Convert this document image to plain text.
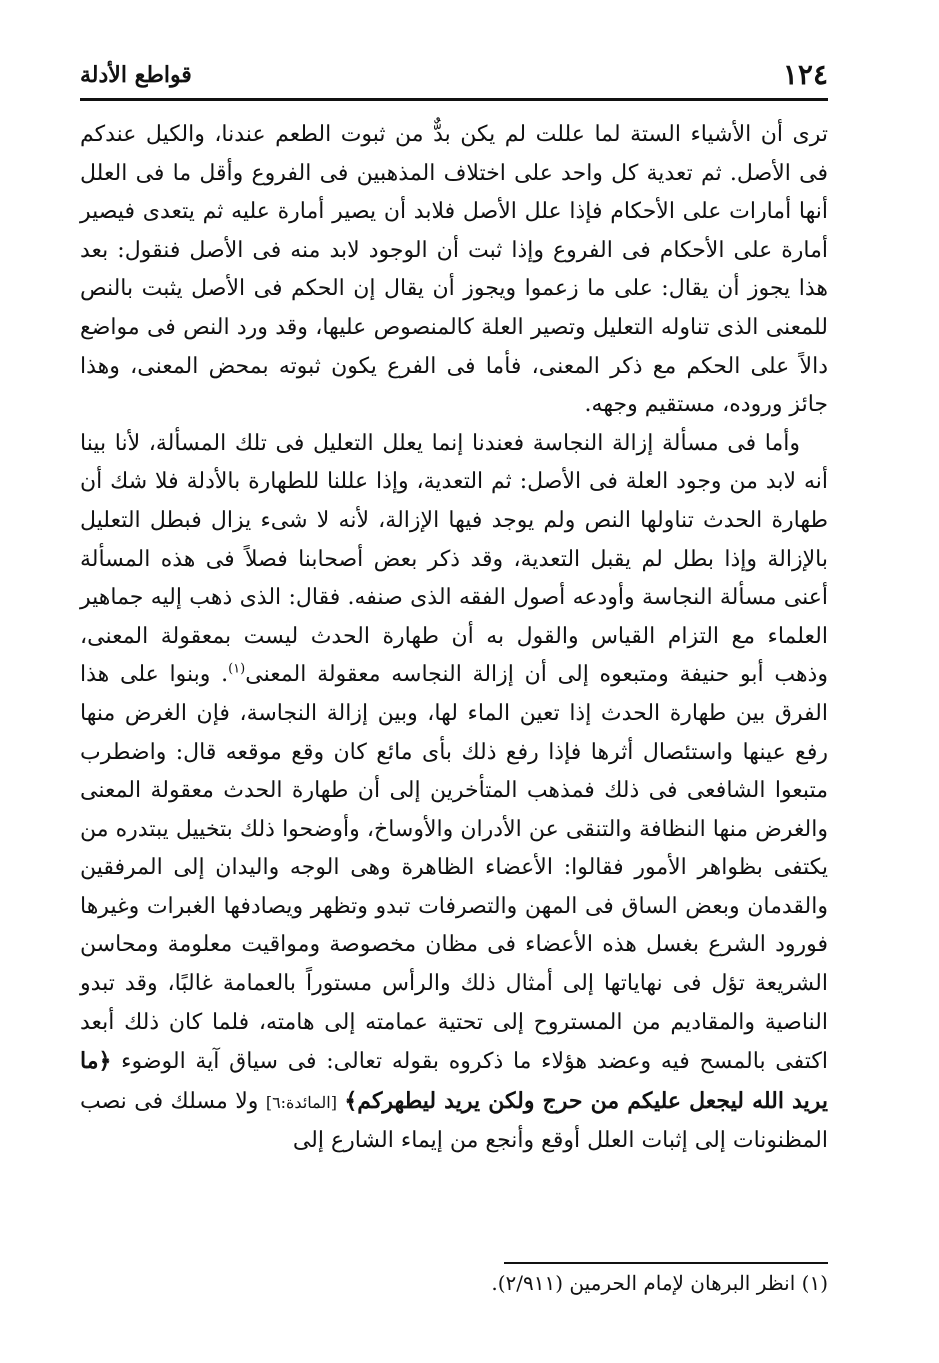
١٢٤
قواطع الأدلة

ترى أن الأشياء الستة لما عللت لم يكن بدٌّ من ثبوت الطعم عندنا، والكيل عندكم فى الأصل. ثم تعدية كل واحد على اختلاف المذهبين فى الفروع وأقل ما فى العلل أنها أمارات على الأحكام فإذا علل الأصل فلابد أن يصير أمارة عليه ثم يتعدى فيصير أمارة على الأحكام فى الفروع وإذا ثبت أن الوجود لابد منه فى الأصل فنقول: بعد هذا يجوز أن يقال: على ما زعموا ويجوز أن يقال إن الحكم فى الأصل يثبت بالنص للمعنى الذى تناوله التعليل وتصير العلة كالمنصوص عليها، وقد ورد النص فى مواضع دالاً على الحكم مع ذكر المعنى، فأما فى الفرع يكون ثبوته بمحض المعنى، وهذا جائز وروده، مستقيم وجهه.

وأما فى مسألة إزالة النجاسة فعندنا إنما يعلل التعليل فى تلك المسألة، لأنا بينا أنه لابد من وجود العلة فى الأصل: ثم التعدية، وإذا عللنا للطهارة بالأدلة فلا شك أن طهارة الحدث تناولها النص ولم يوجد فيها الإزالة، لأنه لا شىء يزال فبطل التعليل بالإزالة وإذا بطل لم يقبل التعدية، وقد ذكر بعض أصحابنا فصلاً فى هذه المسألة أعنى مسألة النجاسة وأودعه أصول الفقه الذى صنفه. فقال: الذى ذهب إليه جماهير العلماء مع التزام القياس والقول به أن طهارة الحدث ليست بمعقولة المعنى، وذهب أبو حنيفة ومتبعوه إلى أن إزالة النجاسه معقولة المعنى$^{(١)}$. وبنوا على هذا الفرق بين طهارة الحدث إذا تعين الماء لها، وبين إزالة النجاسة، فإن الغرض منها رفع عينها واستئصال أثرها فإذا رفع ذلك بأى مائع كان وقع موقعه قال: واضطرب متبعوا الشافعى فى ذلك فمذهب المتأخرين إلى أن طهارة الحدث معقولة المعنى والغرض منها النظافة والتنقى عن الأدران والأوساخ، وأوضحوا ذلك بتخييل يبتدره من يكتفى بظواهر الأمور فقالوا: الأعضاء الظاهرة وهى الوجه واليدان إلى المرفقين والقدمان وبعض الساق فى المهن والتصرفات تبدو وتظهر ويصادفها الغبرات وغيرها فورود الشرع بغسل هذه الأعضاء فى مظان مخصوصة ومواقيت معلومة ومحاسن الشريعة تؤل فى نهاياتها إلى أمثال ذلك والرأس مستوراً بالعمامة غالبًا، وقد تبدو الناصية والمقاديم من المستروح إلى تحتية عمامته إلى هامته، فلما كان ذلك أبعد اكتفى بالمسح فيه وعضد هؤلاء ما ذكروه بقوله تعالى: فى سياق آية الوضوء ﴿ما يريد الله ليجعل عليكم من حرج ولكن يريد ليطهركم﴾ [المائدة:٦] ولا مسلك فى نصب المظنونات إلى إثبات العلل أوقع وأنجع من إيماء الشارع إلى

(١) انظر البرهان لإمام الحرمين (٢/٩١١).
